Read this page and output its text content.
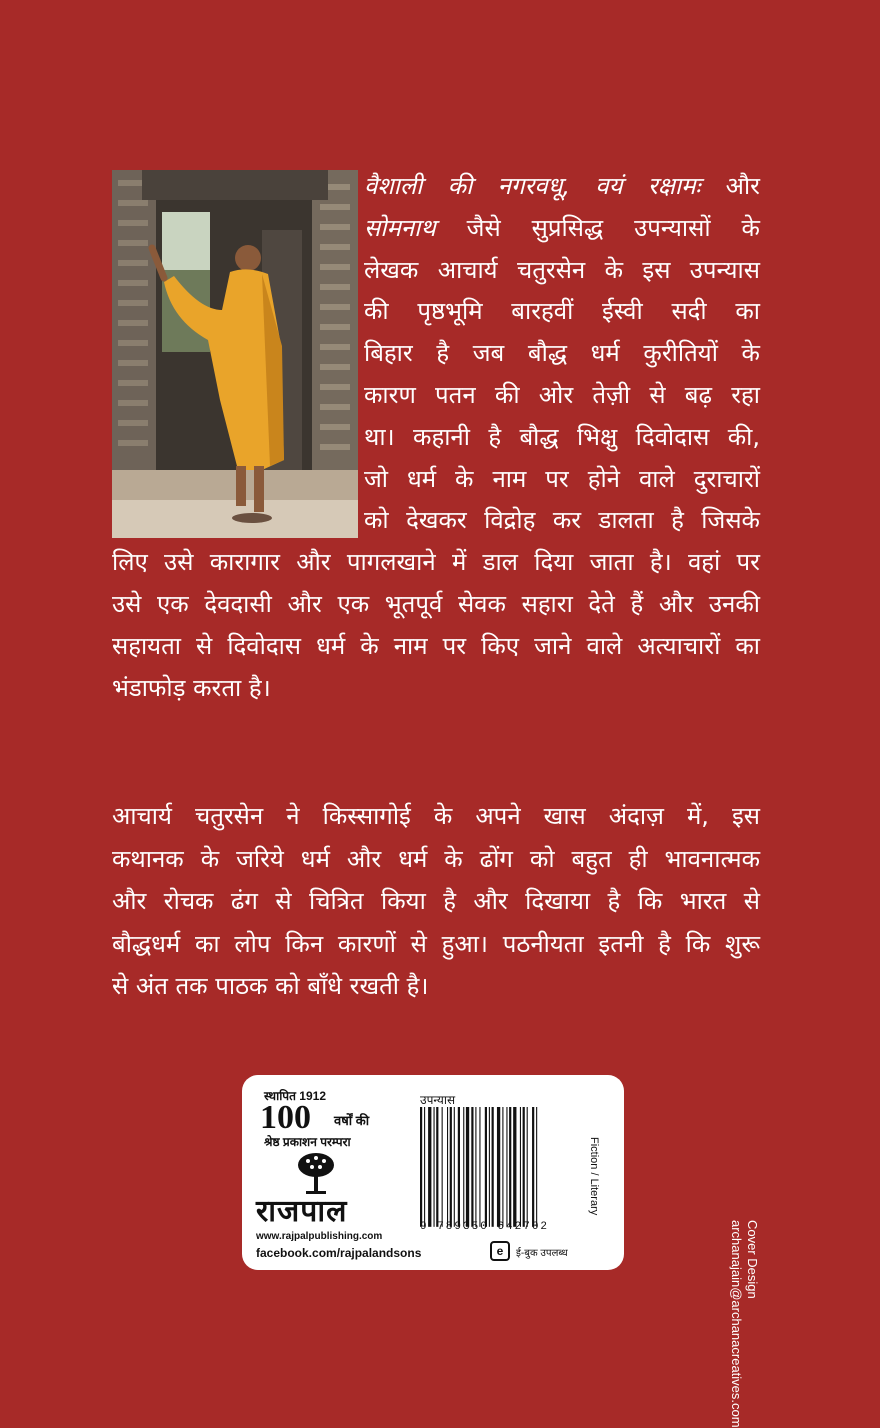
वैशाली की नगरवधू, वयं रक्षामः और
सोमनाथ जैसे सुप्रसिद्ध उपन्यासों के
लेखक आचार्य चतुरसेन के इस उपन्यास
की पृष्ठभूमि बारहवीं ईस्वी सदी का
बिहार है जब बौद्ध धर्म कुरीतियों के
कारण पतन की ओर तेज़ी से बढ़ रहा
था। कहानी है बौद्ध भिक्षु दिवोदास की,
जो धर्म के नाम पर होने वाले दुराचारों
को देखकर विद्रोह कर डालता है जिसके
लिए उसे कारागार और पागलखाने में डाल दिया जाता है। वहां पर
उसे एक देवदासी और एक भूतपूर्व सेवक सहारा देते हैं और उनकी
सहायता से दिवोदास धर्म के नाम पर किए जाने वाले अत्याचारों का
भंडाफोड़ करता है।
आचार्य चतुरसेन ने किस्सागोई के अपने खास अंदाज़ में, इस
कथानक के जरिये धर्म और धर्म के ढोंग को बहुत ही भावनात्मक
और रोचक ढंग से चित्रित किया है और दिखाया है कि भारत से
बौद्धधर्म का लोप किन कारणों से हुआ। पठनीयता इतनी है कि शुरू
से अंत तक पाठक को बाँधे रखती है।
Cover Design
archanajain@archanacreatives.com
स्थापित 1912
100 वर्षों की
श्रेष्ठ प्रकाशन परम्परा
राजपाल
www.rajpalpublishing.com
facebook.com/rajpalandsons
उपन्यास
9 789350 642702
Fiction / Literary
e	ई-बुक उपलब्ध
